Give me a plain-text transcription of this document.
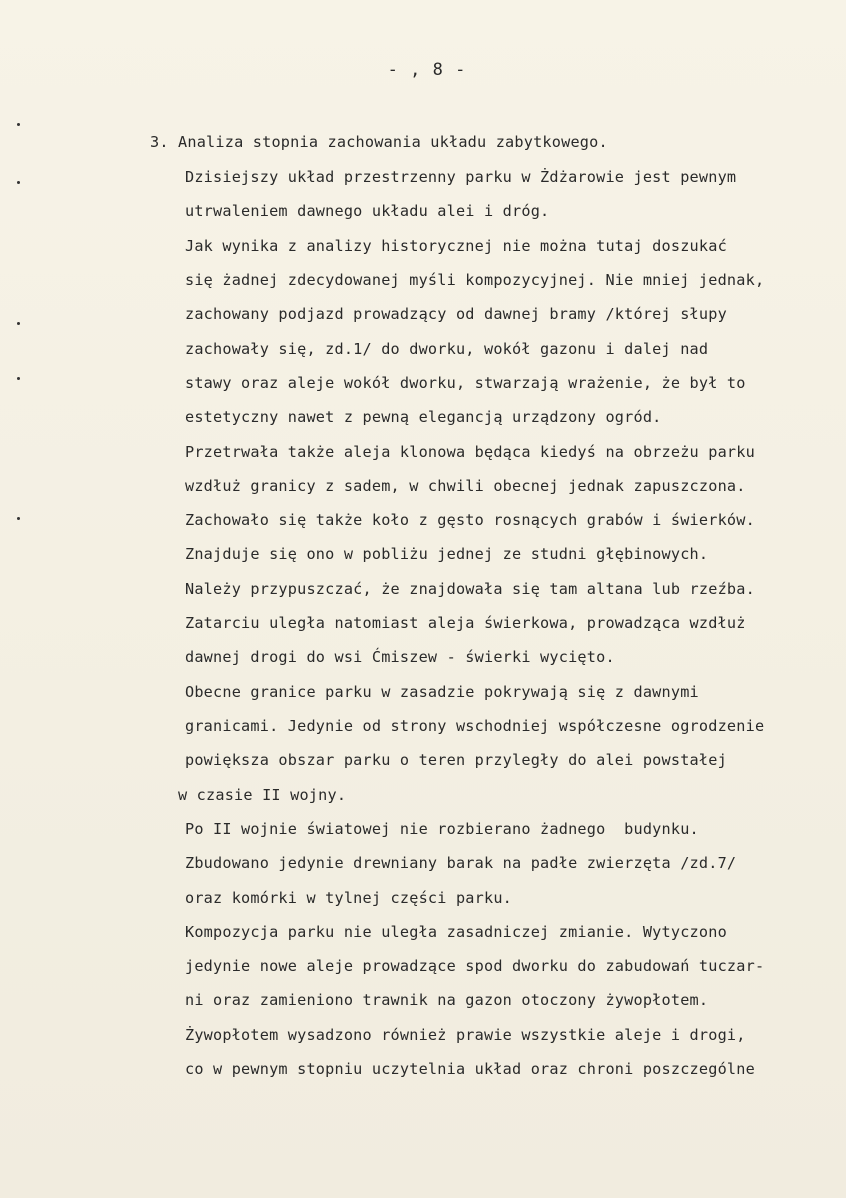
- , 8 -
3. Analiza stopnia zachowania układu zabytkowego.
Dzisiejszy układ przestrzenny parku w Żdżarowie jest pewnym
utrwaleniem dawnego układu alei i dróg.
Jak wynika z analizy historycznej nie można tutaj doszukać
się żadnej zdecydowanej myśli kompozycyjnej. Nie mniej jednak,
zachowany podjazd prowadzący od dawnej bramy /której słupy
zachowały się, zd.1/ do dworku, wokół gazonu i dalej nad
stawy oraz aleje wokół dworku, stwarzają wrażenie, że był to
estetyczny nawet z pewną elegancją urządzony ogród.
Przetrwała także aleja klonowa będąca kiedyś na obrzeżu parku
wzdłuż granicy z sadem, w chwili obecnej jednak zapuszczona.
Zachowało się także koło z gęsto rosnących grabów i świerków.
Znajduje się ono w pobliżu jednej ze studni głębinowych.
Należy przypuszczać, że znajdowała się tam altana lub rzeźba.
Zatarciu uległa natomiast aleja świerkowa, prowadząca wzdłuż
dawnej drogi do wsi Ćmiszew - świerki wycięto.
Obecne granice parku w zasadzie pokrywają się z dawnymi
granicami. Jedynie od strony wschodniej współczesne ogrodzenie
powiększa obszar parku o teren przyległy do alei powstałej
w czasie II wojny.
Po II wojnie światowej nie rozbierano żadnego  budynku.
Zbudowano jedynie drewniany barak na padłe zwierzęta /zd.7/
oraz komórki w tylnej części parku.
Kompozycja parku nie uległa zasadniczej zmianie. Wytyczono
jedynie nowe aleje prowadzące spod dworku do zabudowań tuczar-
ni oraz zamieniono trawnik na gazon otoczony żywopłotem.
Żywopłotem wysadzono również prawie wszystkie aleje i drogi,
co w pewnym stopniu uczytelnia układ oraz chroni poszczególne
